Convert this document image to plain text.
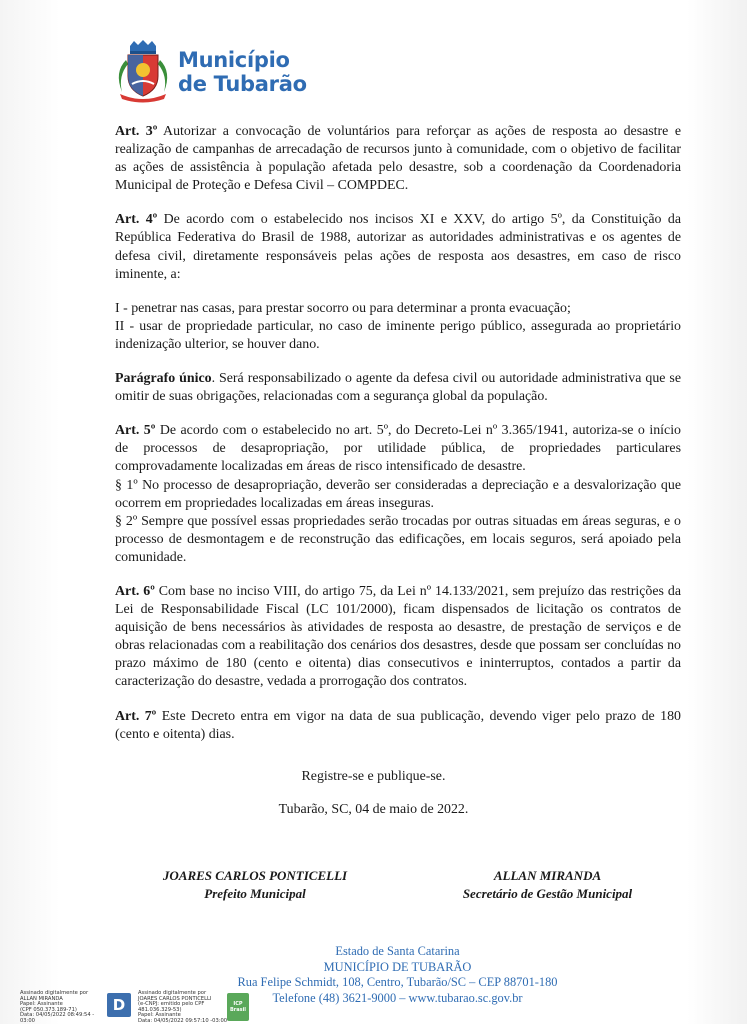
Município
de Tubarão

Art. 3º Autorizar a convocação de voluntários para reforçar as ações de resposta ao desastre e realização de campanhas de arrecadação de recursos junto à comunidade, com o objetivo de facilitar as ações de assistência à população afetada pelo desastre, sob a coordenação da Coordenadoria Municipal de Proteção e Defesa Civil – COMPDEC.

Art. 4º De acordo com o estabelecido nos incisos XI e XXV, do artigo 5º, da Constituição da República Federativa do Brasil de 1988, autorizar as autoridades administrativas e os agentes de defesa civil, diretamente responsáveis pelas ações de resposta aos desastres, em caso de risco iminente, a:

I - penetrar nas casas, para prestar socorro ou para determinar a pronta evacuação;

II - usar de propriedade particular, no caso de iminente perigo público, assegurada ao proprietário indenização ulterior, se houver dano.

Parágrafo único. Será responsabilizado o agente da defesa civil ou autoridade administrativa que se omitir de suas obrigações, relacionadas com a segurança global da população.

Art. 5º De acordo com o estabelecido no art. 5º, do Decreto-Lei nº 3.365/1941, autoriza-se o início de processos de desapropriação, por utilidade pública, de propriedades particulares comprovadamente localizadas em áreas de risco intensificado de desastre.

§ 1º No processo de desapropriação, deverão ser consideradas a depreciação e a desvalorização que ocorrem em propriedades localizadas em áreas inseguras.

§ 2º Sempre que possível essas propriedades serão trocadas por outras situadas em áreas seguras, e o processo de desmontagem e de reconstrução das edificações, em locais seguros, será apoiado pela comunidade.

Art. 6º Com base no inciso VIII, do artigo 75, da Lei nº 14.133/2021, sem prejuízo das restrições da Lei de Responsabilidade Fiscal (LC 101/2000), ficam dispensados de licitação os contratos de aquisição de bens necessários às atividades de resposta ao desastre, de prestação de serviços e de obras relacionadas com a reabilitação dos cenários dos desastres, desde que possam ser concluídas no prazo máximo de 180 (cento e oitenta) dias consecutivos e ininterruptos, contados a partir da caracterização do desastre, vedada a prorrogação dos contratos.

Art. 7º Este Decreto entra em vigor na data de sua publicação, devendo viger pelo prazo de 180 (cento e oitenta) dias.

Registre-se e publique-se.
Tubarão, SC, 04 de maio de 2022.
JOARES CARLOS PONTICELLI
Prefeito Municipal
ALLAN MIRANDA
Secretário de Gestão Municipal
Estado de Santa Catarina
MUNICÍPIO DE TUBARÃO
Rua Felipe Schmidt, 108, Centro, Tubarão/SC – CEP 88701-180
Telefone (48) 3621-9000 – www.tubarao.sc.gov.br
Assinado digitalmente por
ALLAN MIRANDA
Papel: Assinante
(CPF 050.373.189-71)
Data: 04/05/2022 08:49:54 -
03:00
D
Assinado digitalmente por
JOARES CARLOS PONTICELLI
(e-CNPJ: emitido pelo CPF
481.036.329-53)
Papel: Assinante
Data: 04/05/2022 09:57:10 -03:00
ICP Brasil
